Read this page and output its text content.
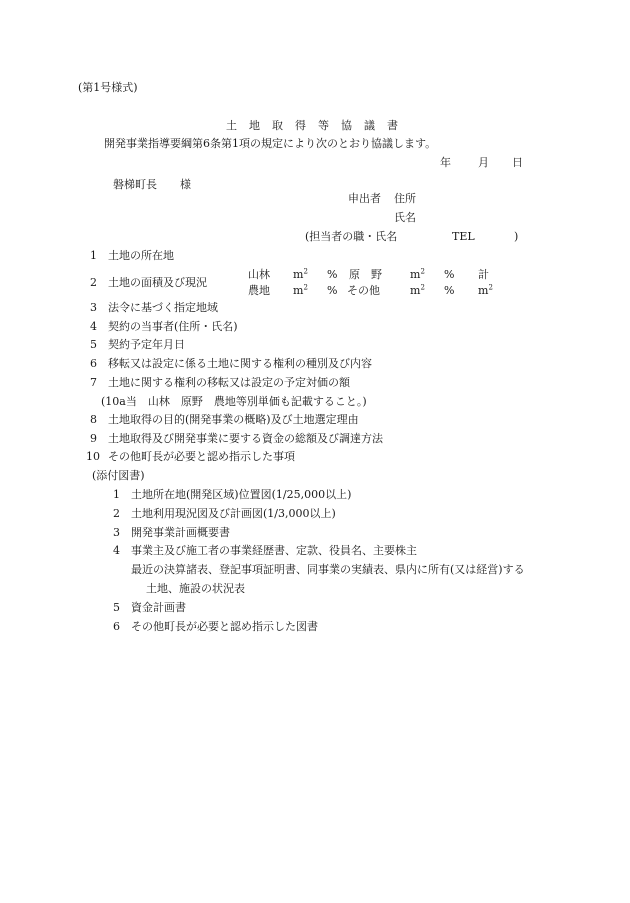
(第1号様式)
土地取得等協議書
開発事業指導要綱第6条第1項の規定により次のとおり協議します。
年 月 日
磐梯町長 様
申出者 住所
氏名
(担当者の職・氏名	TEL	)
1 土地の所在地
2 土地の面積及び現況
山林 $m^2$ % 原　野	$m^2$ % 計
農地 $m^2$ % その他	$m^2$ % $m^2$
3 法令に基づく指定地域
4 契約の当事者(住所・氏名)
5 契約予定年月日
6 移転又は設定に係る土地に関する権利の種別及び内容
7 土地に関する権利の移転又は設定の予定対価の額
(10a当　山林　原野　農地等別単価も記載すること。)
8 土地取得の目的(開発事業の概略)及び土地選定理由
9 土地取得及び開発事業に要する資金の総額及び調達方法
10 その他町長が必要と認め指示した事項
(添付図書)
1 土地所在地(開発区域)位置図(1/25,000以上)
2 土地利用現況図及び計画図(1/3,000以上)
3 開発事業計画概要書
4 事業主及び施工者の事業経歴書、定款、役員名、主要株主
最近の決算諸表、登記事項証明書、同事業の実績表、県内に所有(又は経営)する
土地、施設の状況表
5 資金計画書
6 その他町長が必要と認め指示した図書
